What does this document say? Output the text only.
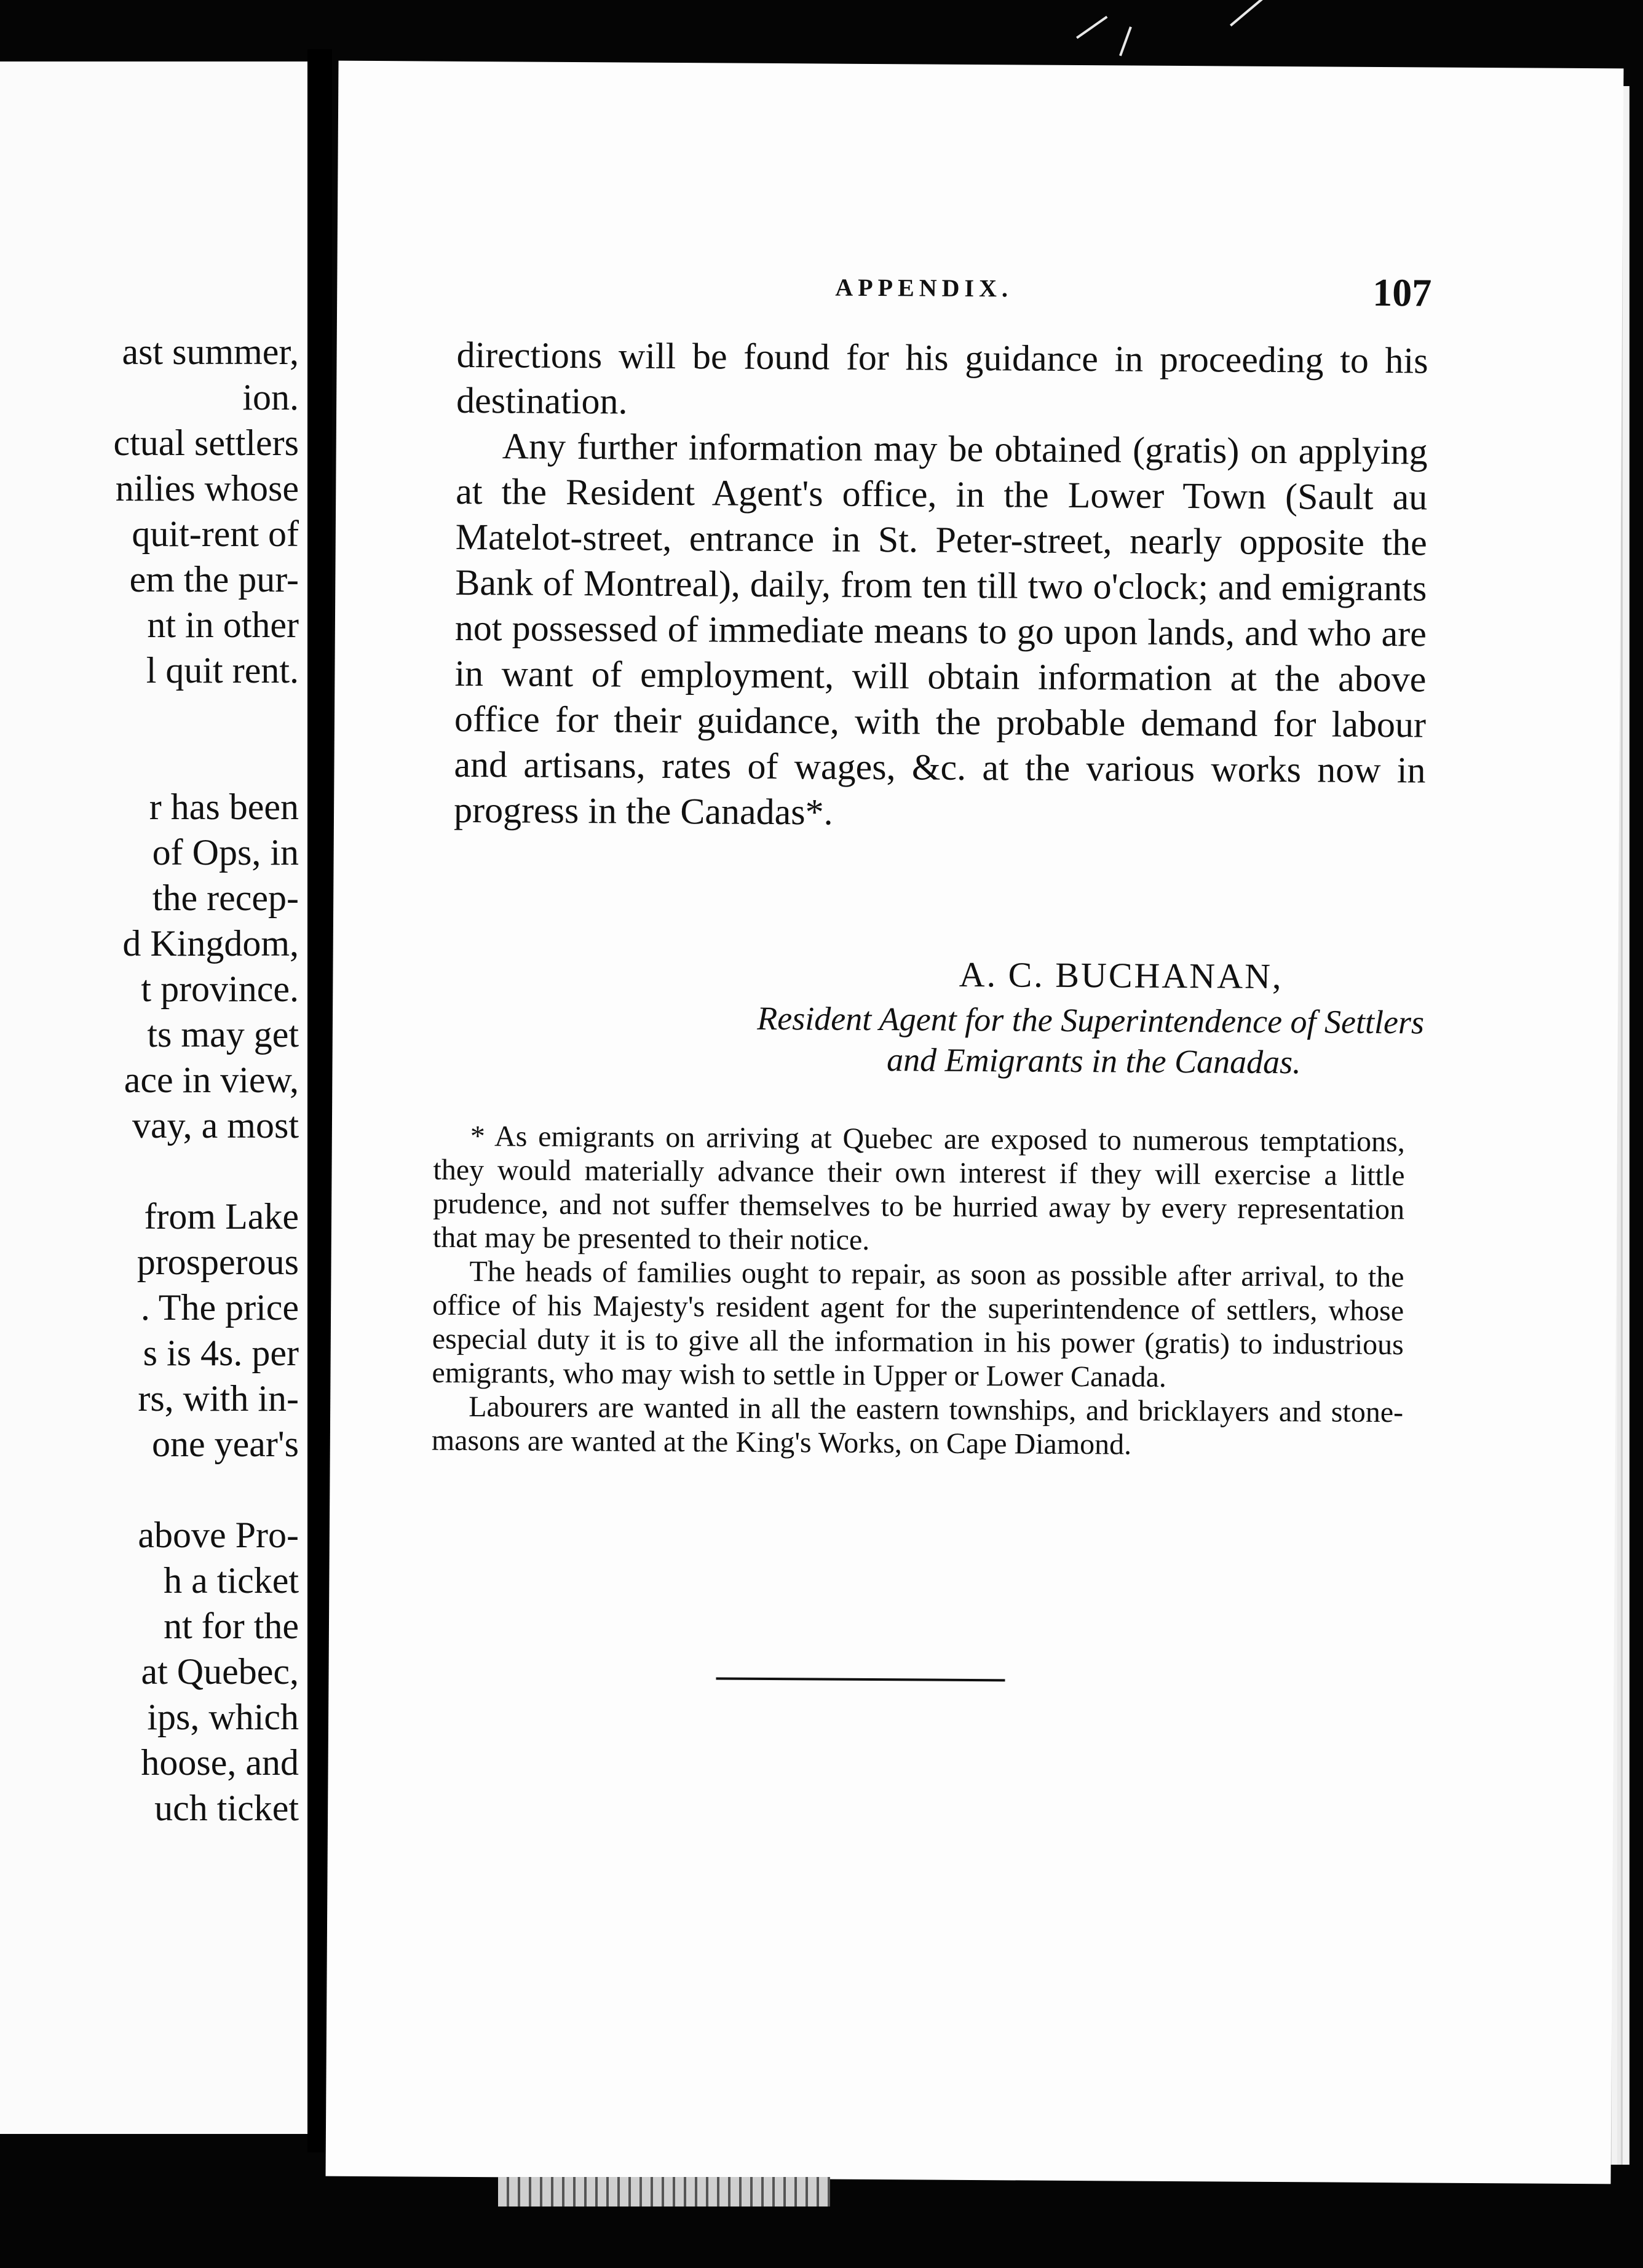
ast summer,
ion.
ctual settlers
nilies whose
quit-rent of
em the pur-
nt in other
l quit rent.
r has been
of Ops, in
the recep-
d Kingdom,
t province.
ts may get
ace in view,
vay, a most
from Lake
prosperous
. The price
s is 4s. per
rs, with in-
one year's
above Pro-
h a ticket
nt for the
at Quebec,
ips, which
hoose, and
uch ticket
APPENDIX.	107

directions will be found for his guidance in proceeding to his destination.

Any further information may be obtained (gratis) on applying at the Resident Agent's office, in the Lower Town (Sault au Matelot-street, entrance in St. Peter-street, nearly opposite the Bank of Montreal), daily, from ten till two o'clock; and emigrants not possessed of immediate means to go upon lands, and who are in want of employment, will obtain information at the above office for their guidance, with the probable demand for labour and artisans, rates of wages, &c. at the various works now in progress in the Canadas*.

A. C. BUCHANAN,
Resident Agent for the Superintendence of Settlers
and Emigrants in the Canadas.

* As emigrants on arriving at Quebec are exposed to numerous temptations, they would materially advance their own interest if they will exercise a little prudence, and not suffer themselves to be hurried away by every representation that may be presented to their notice.

The heads of families ought to repair, as soon as possible after arrival, to the office of his Majesty's resident agent for the superintendence of settlers, whose especial duty it is to give all the information in his power (gratis) to industrious emigrants, who may wish to settle in Upper or Lower Canada.

Labourers are wanted in all the eastern townships, and bricklayers and stone-masons are wanted at the King's Works, on Cape Diamond.
